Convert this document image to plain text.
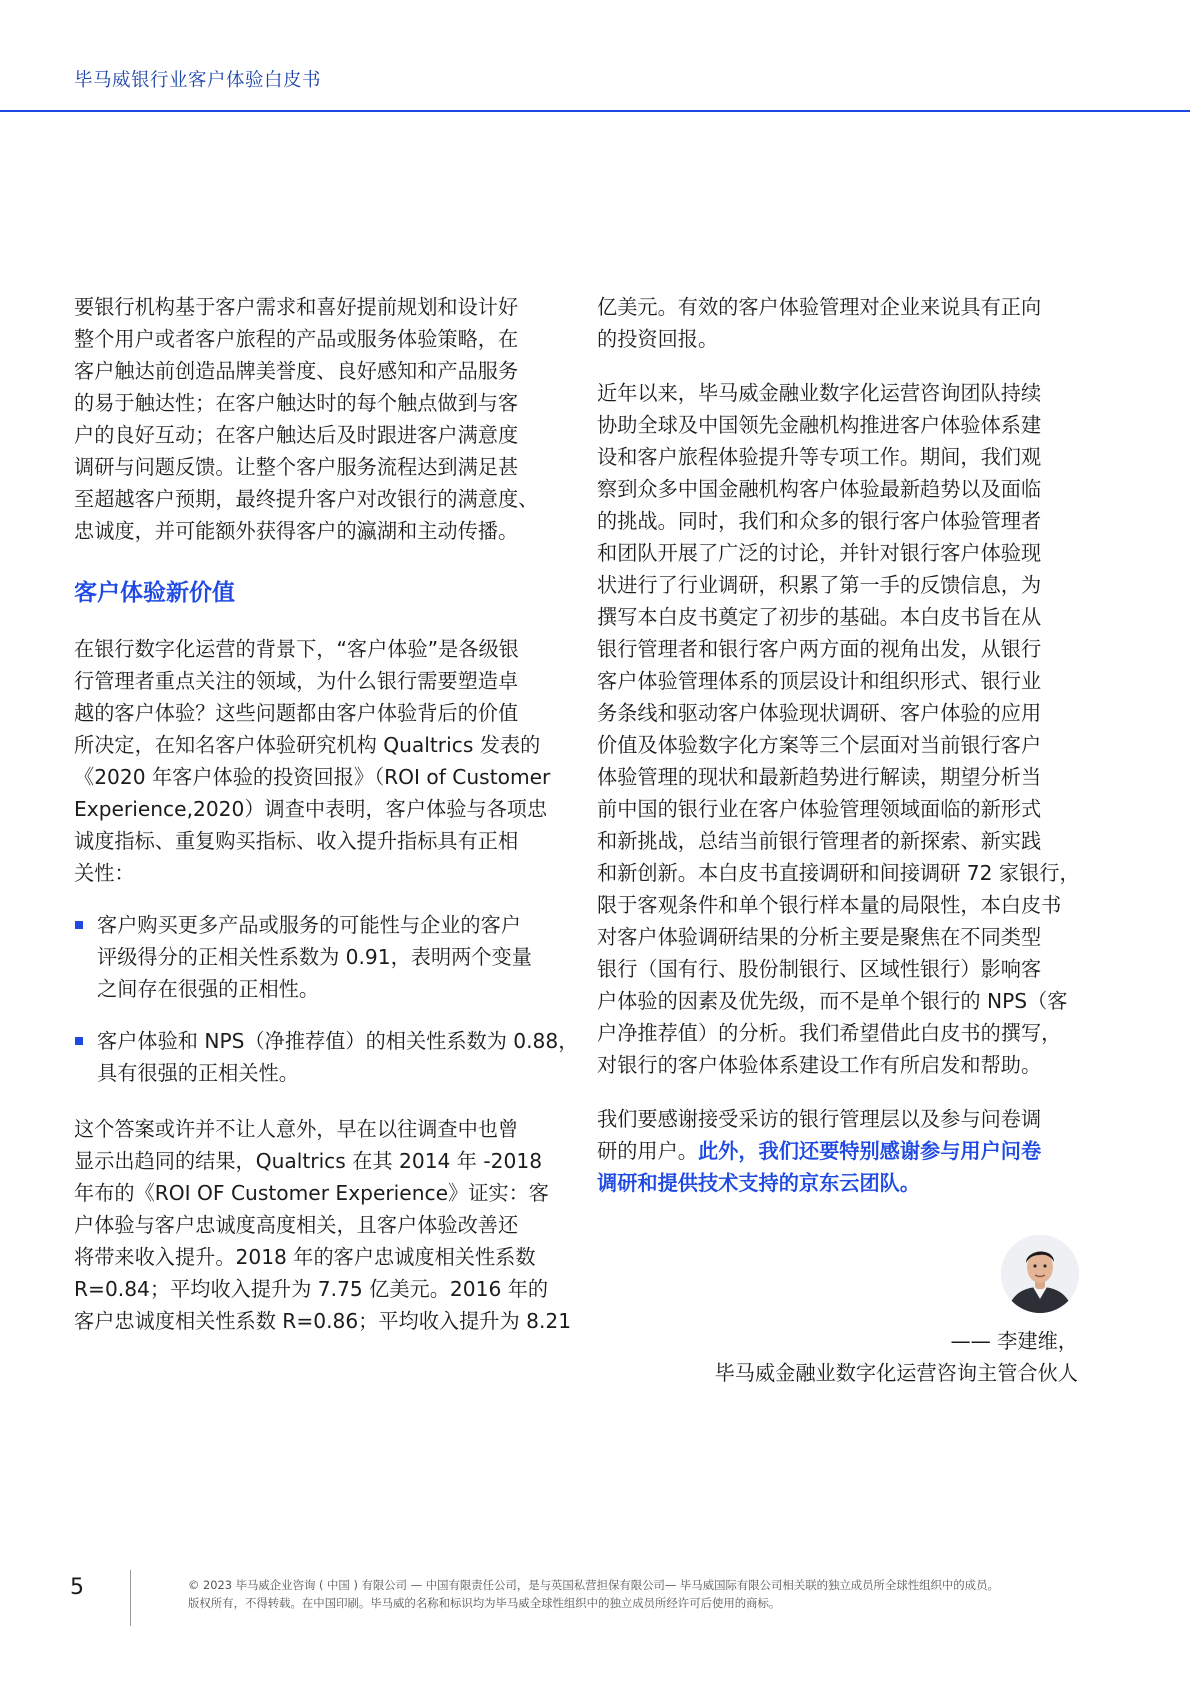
毕马威银行业客户体验白皮书
要银行机构基于客户需求和喜好提前规划和设计好
整个用户或者客户旅程的产品或服务体验策略，在
客户触达前创造品牌美誉度、良好感知和产品服务
的易于触达性；在客户触达时的每个触点做到与客
户的良好互动；在客户触达后及时跟进客户满意度
调研与问题反馈。让整个客户服务流程达到满足甚
至超越客户预期，最终提升客户对改银行的满意度、
忠诚度，并可能额外获得客户的瀛湖和主动传播。
客户体验新价值
在银行数字化运营的背景下，“客户体验”是各级银
行管理者重点关注的领域，为什么银行需要塑造卓
越的客户体验？这些问题都由客户体验背后的价值
所决定，在知名客户体验研究机构 Qualtrics 发表的
《2020 年客户体验的投资回报》（ROI of Customer
Experience,2020）调查中表明，客户体验与各项忠
诚度指标、重复购买指标、收入提升指标具有正相
关性：
客户购买更多产品或服务的可能性与企业的客户
评级得分的正相关性系数为 0.91，表明两个变量
之间存在很强的正相性。
客户体验和 NPS（净推荐值）的相关性系数为 0.88，
具有很强的正相关性。
这个答案或许并不让人意外，早在以往调查中也曾
显示出趋同的结果，Qualtrics 在其 2014 年 -2018
年布的《ROI OF Customer Experience》证实：客
户体验与客户忠诚度高度相关，且客户体验改善还
将带来收入提升。2018 年的客户忠诚度相关性系数
R=0.84；平均收入提升为 7.75 亿美元。2016 年的
客户忠诚度相关性系数 R=0.86；平均收入提升为 8.21
亿美元。有效的客户体验管理对企业来说具有正向
的投资回报。
近年以来，毕马威金融业数字化运营咨询团队持续
协助全球及中国领先金融机构推进客户体验体系建
设和客户旅程体验提升等专项工作。期间，我们观
察到众多中国金融机构客户体验最新趋势以及面临
的挑战。同时，我们和众多的银行客户体验管理者
和团队开展了广泛的讨论，并针对银行客户体验现
状进行了行业调研，积累了第一手的反馈信息，为
撰写本白皮书奠定了初步的基础。本白皮书旨在从
银行管理者和银行客户两方面的视角出发，从银行
客户体验管理体系的顶层设计和组织形式、银行业
务条线和驱动客户体验现状调研、客户体验的应用
价值及体验数字化方案等三个层面对当前银行客户
体验管理的现状和最新趋势进行解读，期望分析当
前中国的银行业在客户体验管理领域面临的新形式
和新挑战，总结当前银行管理者的新探索、新实践
和新创新。本白皮书直接调研和间接调研 72 家银行，
限于客观条件和单个银行样本量的局限性，本白皮书
对客户体验调研结果的分析主要是聚焦在不同类型
银行（国有行、股份制银行、区域性银行）影响客
户体验的因素及优先级，而不是单个银行的 NPS（客
户净推荐值）的分析。我们希望借此白皮书的撰写，
对银行的客户体验体系建设工作有所启发和帮助。
我们要感谢接受采访的银行管理层以及参与问卷调
研的用户。此外，我们还要特别感谢参与用户问卷
调研和提供技术支持的京东云团队。
—— 李建维，
毕马威金融业数字化运营咨询主管合伙人
5	© 2023 毕马威企业咨询 ( 中国 ) 有限公司 — 中国有限责任公司，是与英国私营担保有限公司— 毕马威国际有限公司相关联的独立成员所全球性组织中的成员。
版权所有，不得转载。在中国印刷。毕马威的名称和标识均为毕马威全球性组织中的独立成员所经许可后使用的商标。
